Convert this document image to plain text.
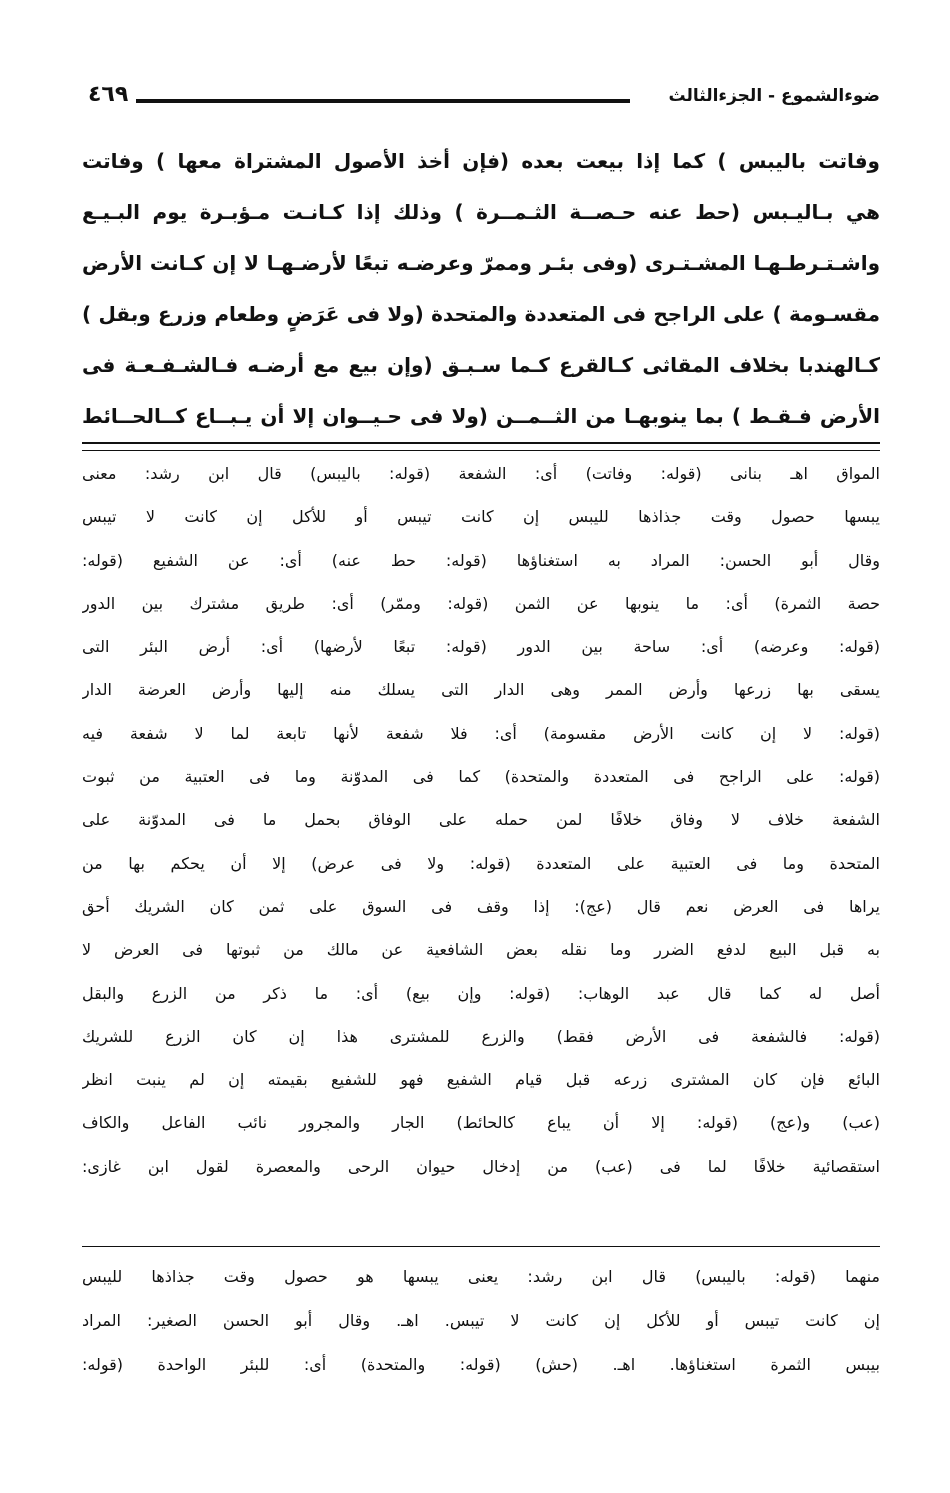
ضوءالشموع - الجزءالثالث
٤٦٩
وفاتت باليبس ) كما إذا بيعت بعده (فإن أخذ الأصول المشتراة معها ) وفاتت
هي بـاليـبس (حط عنه حـصــة الثـمــرة ) وذلك إذا كـانـت مـؤبـرة يوم البـيـع
واشـتـرطـهـا المشـتـرى (وفى بئـر وممرّ وعرضـه تبعًا لأرضـهـا لا إن كـانت الأرض
مقسـومة ) على الراجح فى المتعددة والمتحدة (ولا فى عَرَضٍ وطعام وزرع وبقل )
كـالهندبا بخلاف المقاثى كـالقرع كـما سـبـق (وإن بيع مع أرضـه فـالشـفـعـة فى
الأرض فـقـط ) بما ينوبهـا من الثــمــن (ولا فى حـيــوان إلا أن يـبــاع كــالحــائط
المواق اهـ بنانى (قوله: وفاتت) أى: الشفعة (قوله: باليبس) قال ابن رشد: معنى
يبسها حصول وقت جذاذها لليبس إن كانت تيبس أو للأكل إن كانت لا تيبس
وقال أبو الحسن: المراد به استغناؤها (قوله: حط عنه) أى: عن الشفيع (قوله:
حصة الثمرة) أى: ما ينوبها عن الثمن (قوله: وممّر) أى: طريق مشترك بين الدور
(قوله: وعرضه) أى: ساحة بين الدور (قوله: تبعًا لأرضها) أى: أرض البئر التى
يسقى بها زرعها وأرض الممر وهى الدار التى يسلك منه إليها وأرض العرضة الدار
(قوله: لا إن كانت الأرض مقسومة) أى: فلا شفعة لأنها تابعة لما لا شفعة فيه
(قوله: على الراجح فى المتعددة والمتحدة) كما فى المدوّنة وما فى العتبية من ثبوت
الشفعة خلاف لا وفاق خلافًا لمن حمله على الوفاق بحمل ما فى المدوّنة على
المتحدة وما فى العتبية على المتعددة (قوله: ولا فى عرض) إلا أن يحكم بها من
يراها فى العرض نعم قال (عج): إذا وقف فى السوق على ثمن كان الشريك أحق
به قبل البيع لدفع الضرر وما نقله بعض الشافعية عن مالك من ثبوتها فى العرض لا
أصل له كما قال عبد الوهاب: (قوله: وإن بيع) أى: ما ذكر من الزرع والبقل
(قوله: فالشفعة فى الأرض فقط) والزرع للمشترى هذا إن كان الزرع للشريك
البائع فإن كان المشترى زرعه قبل قيام الشفيع فهو للشفيع بقيمته إن لم ينبت انظر
(عب) و(عج) (قوله: إلا أن يباع كالحائط) الجار والمجرور نائب الفاعل والكاف
استقصائية خلافًا لما فى (عب) من إدخال حيوان الرحى والمعصرة لقول ابن غازى:
منهما (قوله: باليبس) قال ابن رشد: يعنى يبسها هو حصول وقت جذاذها لليبس
إن كانت تيبس أو للأكل إن كانت لا تيبس. اهـ. وقال أبو الحسن الصغير: المراد
بيبس الثمرة استغناؤها. اهـ. (حش) (قوله: والمتحدة) أى: للبئر الواحدة (قوله:
